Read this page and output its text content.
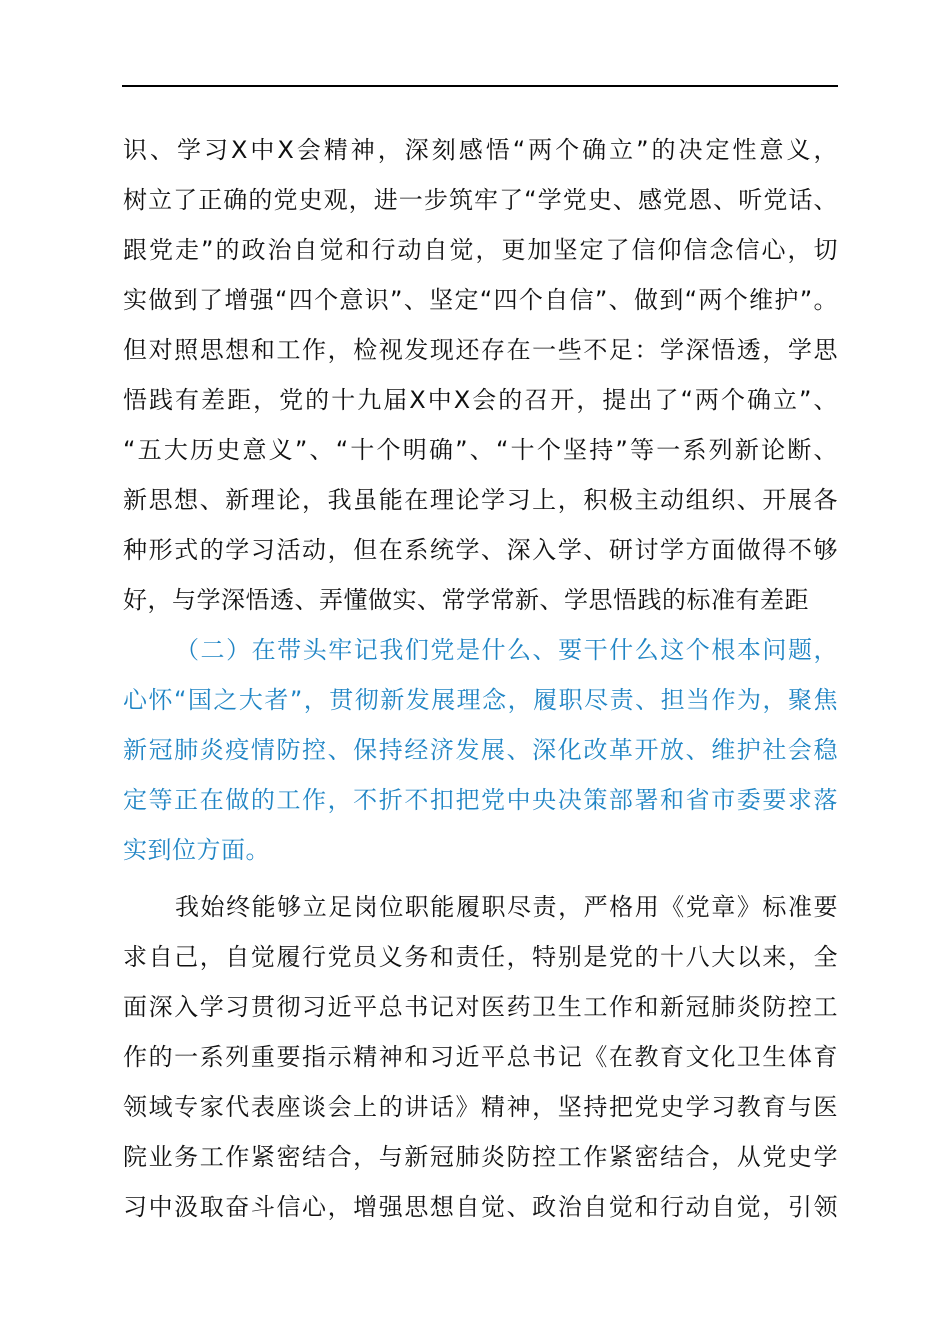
识、学习X中X会精神，深刻感悟“两个确立”的决定性意义，
树立了正确的党史观，进一步筑牢了“学党史、感党恩、听党话、
跟党走”的政治自觉和行动自觉，更加坚定了信仰信念信心，切
实做到了增强“四个意识”、坚定“四个自信”、做到“两个维护”。
但对照思想和工作，检视发现还存在一些不足：学深悟透，学思
悟践有差距，党的十九届X中X会的召开，提出了“两个确立”、
“五大历史意义”、“十个明确”、“十个坚持”等一系列新论断、
新思想、新理论，我虽能在理论学习上，积极主动组织、开展各
种形式的学习活动，但在系统学、深入学、研讨学方面做得不够
好，与学深悟透、弄懂做实、常学常新、学思悟践的标准有差距
（二）在带头牢记我们党是什么、要干什么这个根本问题，
心怀“国之大者”，贯彻新发展理念，履职尽责、担当作为，聚焦
新冠肺炎疫情防控、保持经济发展、深化改革开放、维护社会稳
定等正在做的工作，不折不扣把党中央决策部署和省市委要求落
实到位方面。
我始终能够立足岗位职能履职尽责，严格用《党章》标准要
求自己，自觉履行党员义务和责任，特别是党的十八大以来，全
面深入学习贯彻习近平总书记对医药卫生工作和新冠肺炎防控工
作的一系列重要指示精神和习近平总书记《在教育文化卫生体育
领域专家代表座谈会上的讲话》精神，坚持把党史学习教育与医
院业务工作紧密结合，与新冠肺炎防控工作紧密结合，从党史学
习中汲取奋斗信心，增强思想自觉、政治自觉和行动自觉，引领
